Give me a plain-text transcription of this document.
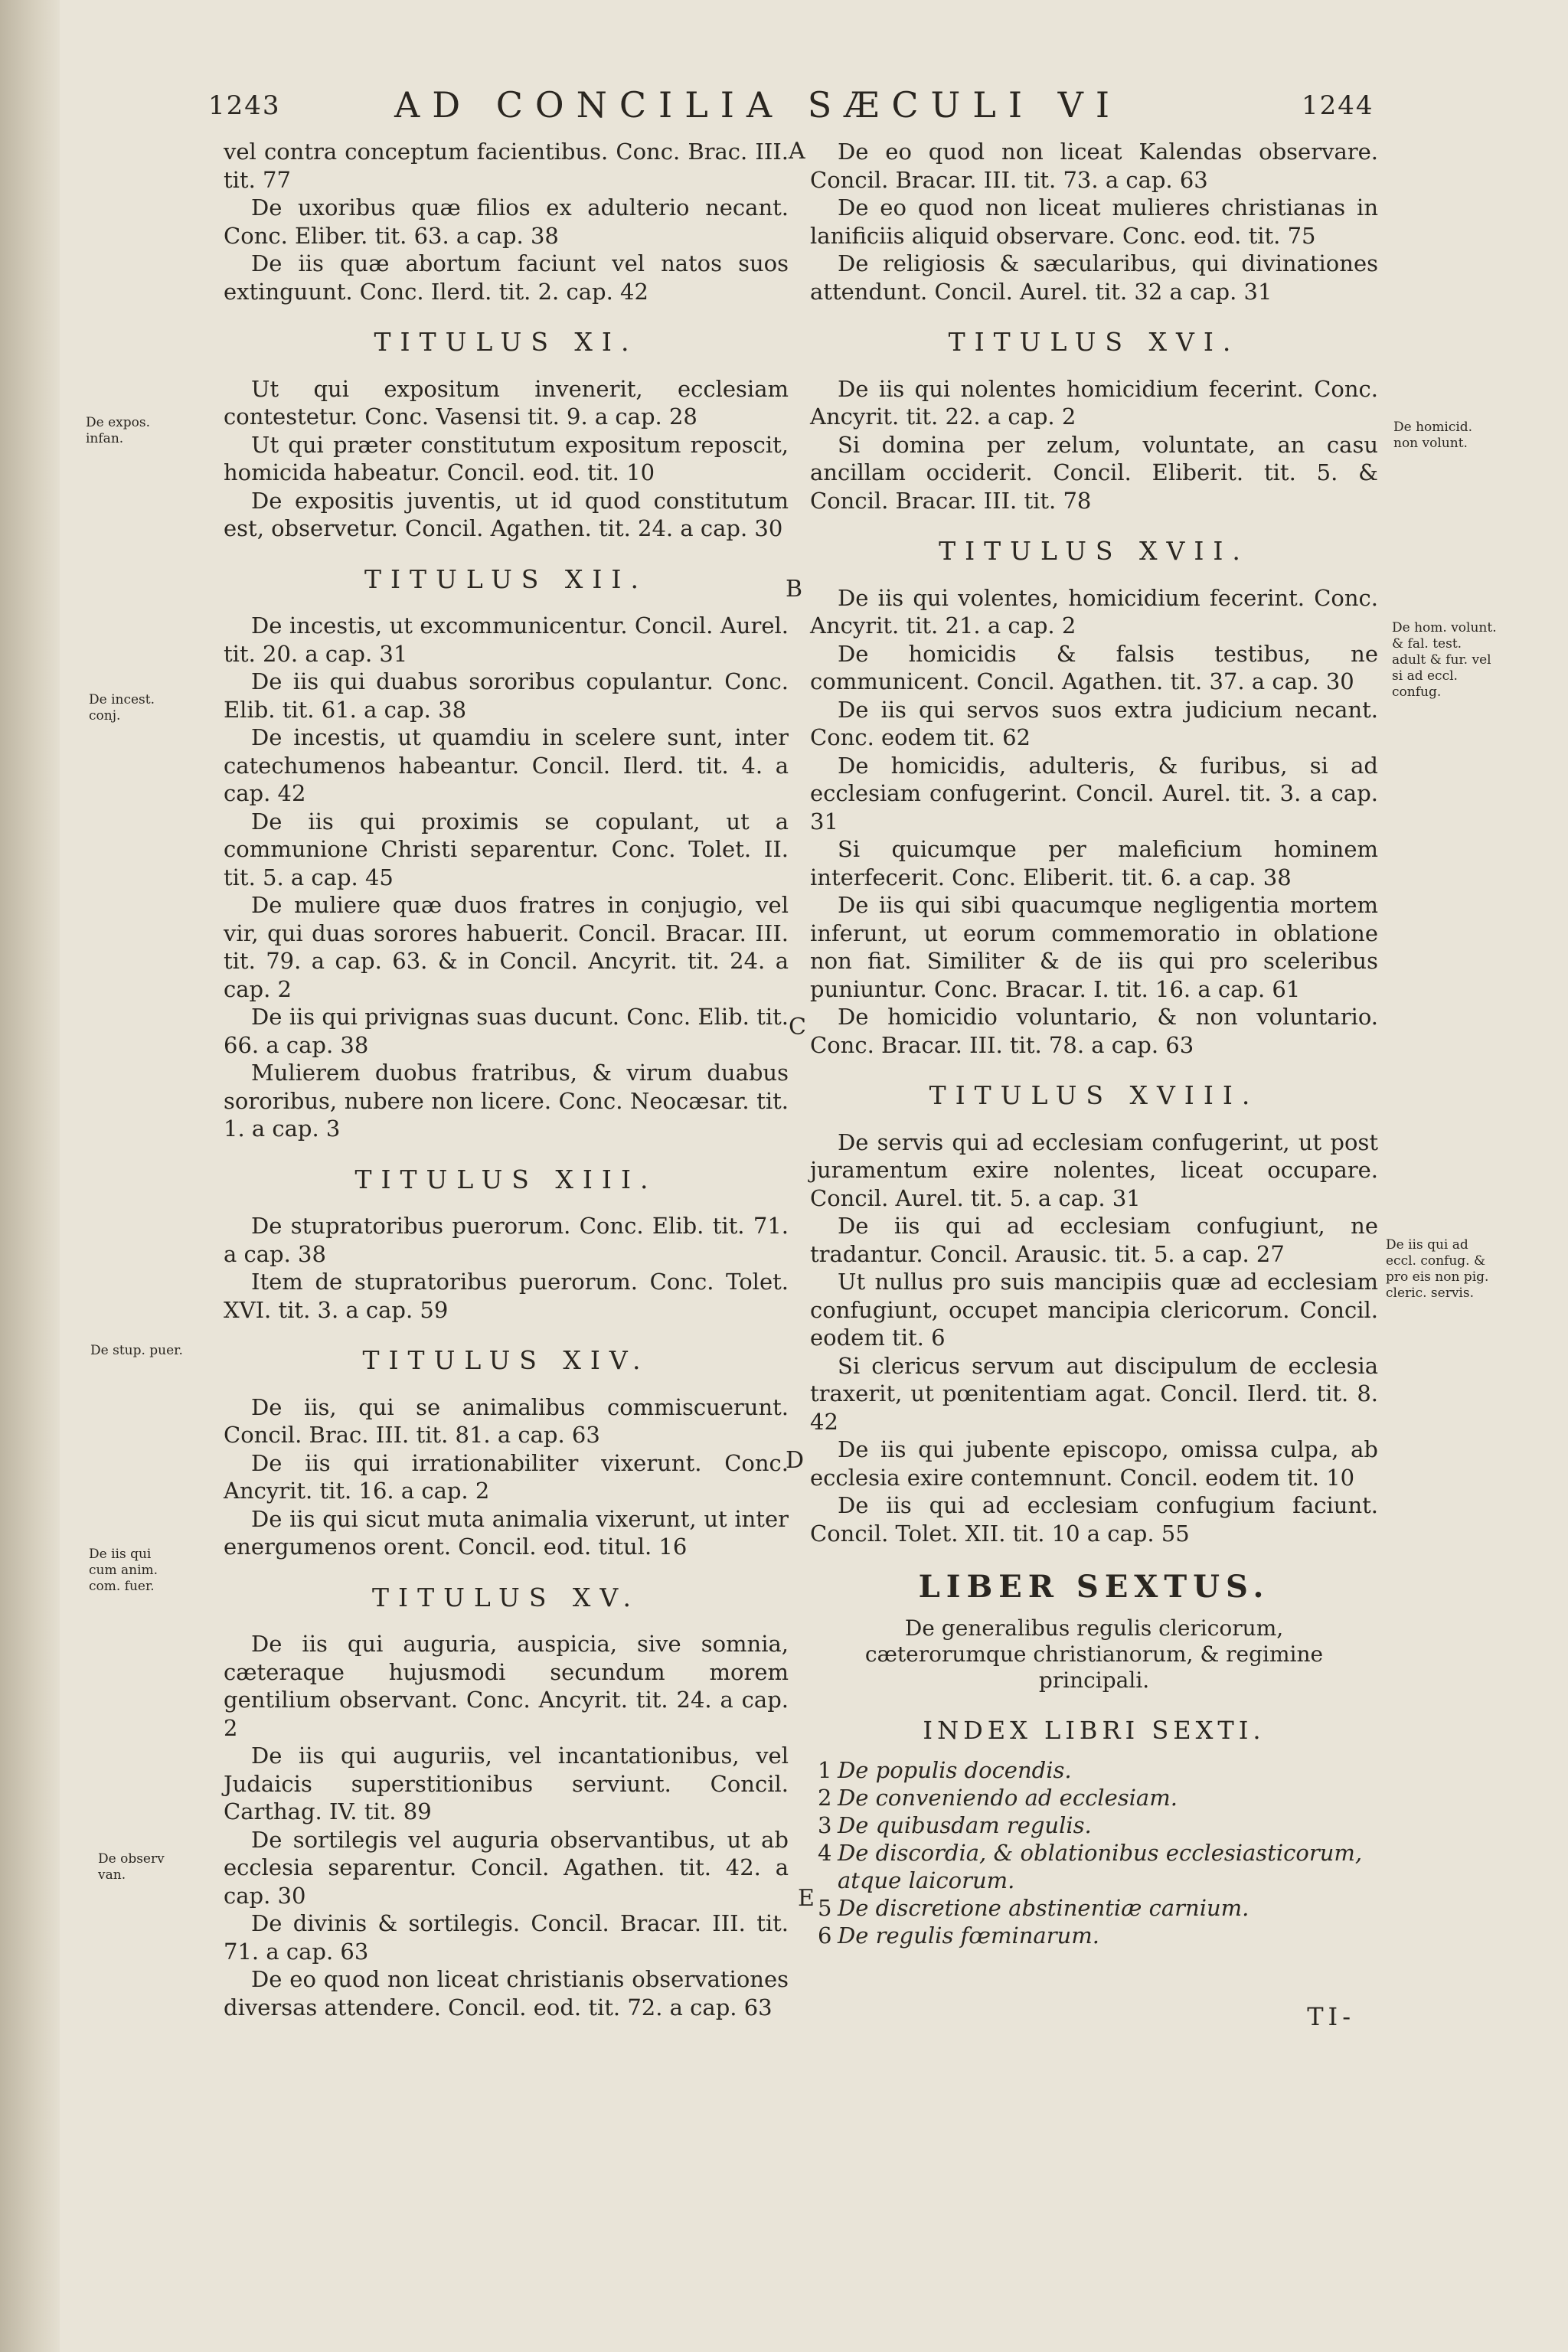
1243	AD CONCILIA SÆCULI VI	1244

vel contra conceptum facientibus. Conc. Brac. III. tit. 77

De uxoribus quæ filios ex adulterio necant. Conc. Eliber. tit. 63. a cap. 38

De iis quæ abortum faciunt vel natos suos extinguunt. Conc. Ilerd. tit. 2. cap. 42

TITULUS XI.

Ut qui expositum invenerit, ecclesiam contestetur. Conc. Vasensi tit. 9. a cap. 28

Ut qui præter constitutum expositum reposcit, homicida habeatur. Concil. eod. tit. 10

De expositis juventis, ut id quod constitutum est, observetur. Concil. Agathen. tit. 24. a cap. 30

TITULUS XII.

De incestis, ut excommunicentur. Concil. Aurel. tit. 20. a cap. 31

De iis qui duabus sororibus copulantur. Conc. Elib. tit. 61. a cap. 38

De incestis, ut quamdiu in scelere sunt, inter catechumenos habeantur. Concil. Ilerd. tit. 4. a cap. 42

De iis qui proximis se copulant, ut a communione Christi separentur. Conc. Tolet. II. tit. 5. a cap. 45

De muliere quæ duos fratres in conjugio, vel vir, qui duas sorores habuerit. Concil. Bracar. III. tit. 79. a cap. 63. & in Concil. Ancyrit. tit. 24. a cap. 2

De iis qui privignas suas ducunt. Conc. Elib. tit. 66. a cap. 38

Mulierem duobus fratribus, & virum duabus sororibus, nubere non licere. Conc. Neocæsar. tit. 1. a cap. 3

TITULUS XIII.

De stupratoribus puerorum. Conc. Elib. tit. 71. a cap. 38

Item de stupratoribus puerorum. Conc. Tolet. XVI. tit. 3. a cap. 59

TITULUS XIV.

De iis, qui se animalibus commiscuerunt. Concil. Brac. III. tit. 81. a cap. 63

De iis qui irrationabiliter vixerunt. Conc. Ancyrit. tit. 16. a cap. 2

De iis qui sicut muta animalia vixerunt, ut inter energumenos orent. Concil. eod. titul. 16

TITULUS XV.

De iis qui auguria, auspicia, sive somnia, cæteraque hujusmodi secundum morem gentilium observant. Conc. Ancyrit. tit. 24. a cap. 2

De iis qui auguriis, vel incantationibus, vel Judaicis superstitionibus serviunt. Concil. Carthag. IV. tit. 89

De sortilegis vel auguria observantibus, ut ab ecclesia separentur. Concil. Agathen. tit. 42. a cap. 30

De divinis & sortilegis. Concil. Bracar. III. tit. 71. a cap. 63

De eo quod non liceat christianis observationes diversas attendere. Concil. eod. tit. 72. a cap. 63

De eo quod non liceat Kalendas observare. Concil. Bracar. III. tit. 73. a cap. 63

De eo quod non liceat mulieres christianas in lanificiis aliquid observare. Conc. eod. tit. 75

De religiosis & sæcularibus, qui divinationes attendunt. Concil. Aurel. tit. 32 a cap. 31

TITULUS XVI.

De iis qui nolentes homicidium fecerint. Conc. Ancyrit. tit. 22. a cap. 2

Si domina per zelum, voluntate, an casu ancillam occiderit. Concil. Eliberit. tit. 5. & Concil. Bracar. III. tit. 78

TITULUS XVII.

De iis qui volentes, homicidium fecerint. Conc. Ancyrit. tit. 21. a cap. 2

De homicidis & falsis testibus, ne communicent. Concil. Agathen. tit. 37. a cap. 30

De iis qui servos suos extra judicium necant. Conc. eodem tit. 62

De homicidis, adulteris, & furibus, si ad ecclesiam confugerint. Concil. Aurel. tit. 3. a cap. 31

Si quicumque per maleficium hominem interfecerit. Conc. Eliberit. tit. 6. a cap. 38

De iis qui sibi quacumque negligentia mortem inferunt, ut eorum commemoratio in oblatione non fiat. Similiter & de iis qui pro sceleribus puniuntur. Conc. Bracar. I. tit. 16. a cap. 61

De homicidio voluntario, & non voluntario. Conc. Bracar. III. tit. 78. a cap. 63

TITULUS XVIII.

De servis qui ad ecclesiam confugerint, ut post juramentum exire nolentes, liceat occupare. Concil. Aurel. tit. 5. a cap. 31

De iis qui ad ecclesiam confugiunt, ne tradantur. Concil. Arausic. tit. 5. a cap. 27

Ut nullus pro suis mancipiis quæ ad ecclesiam confugiunt, occupet mancipia clericorum. Concil. eodem tit. 6

Si clericus servum aut discipulum de ecclesia traxerit, ut pœnitentiam agat. Concil. Ilerd. tit. 8. 42

De iis qui jubente episcopo, omissa culpa, ab ecclesia exire contemnunt. Concil. eodem tit. 10

De iis qui ad ecclesiam confugium faciunt. Concil. Tolet. XII. tit. 10 a cap. 55

LIBER SEXTUS.
De generalibus regulis clericorum, cæterorumque christianorum, & regimine principali.
INDEX LIBRI SEXTI.
1 De populis docendis.
2 De conveniendo ad ecclesiam.
3 De quibusdam regulis.
4 De discordia, & oblationibus ecclesiasticorum, atque laicorum.
5 De discretione abstinentiæ carnium.
6 De regulis fœminarum.
TI-
De expos. infan.
De incest. conj.
De stup. puer.
De iis qui cum anim. com. fuer.
De observ van.
De homicid. non volunt.
De hom. volunt. & fal. test. adult & fur. vel si ad eccl. confug.
De iis qui ad eccl. confug. & pro eis non pig. cleric. servis.
A
B
C
D
E
